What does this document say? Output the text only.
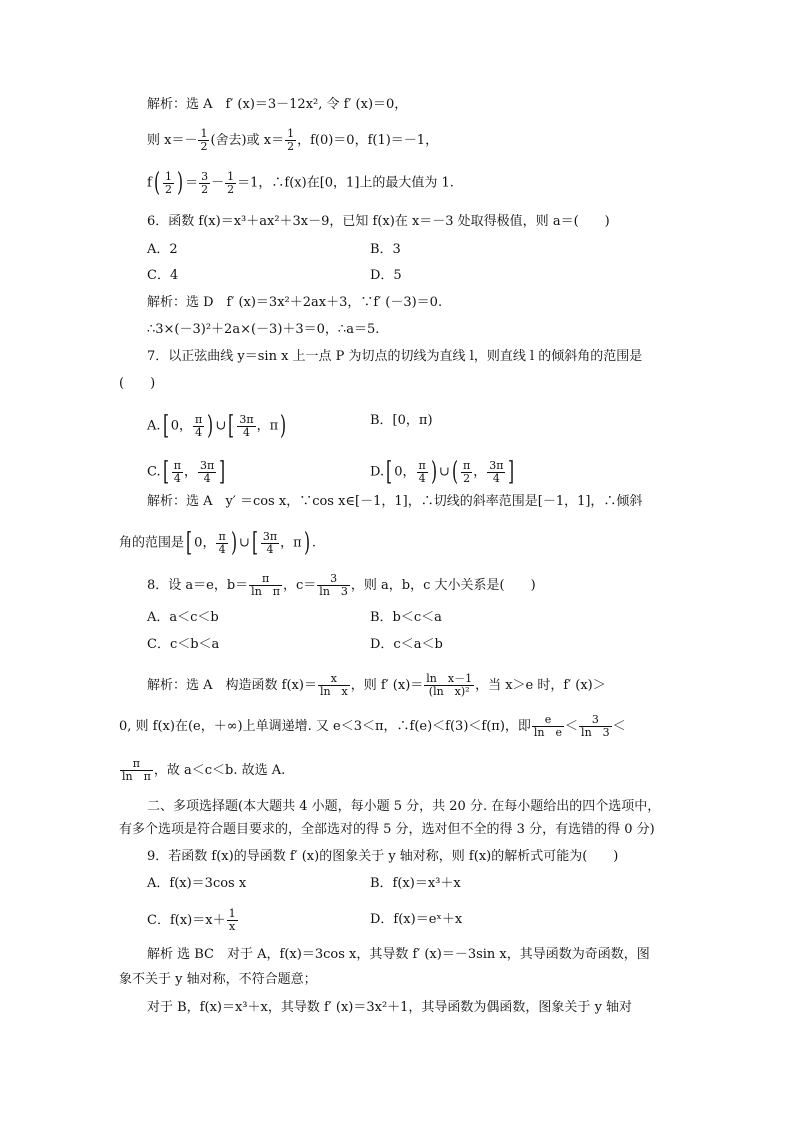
解析：选 A　f′ (x)＝3－12x², 令 f′ (x)＝0，
则 $x=- \frac{1}{2}$ (舍去)或 $x= \frac{1}{2}$ ，f(0)＝0，f(1)＝－1，
$f( \frac{1}{2}$ ) ＝ $\frac{3}{2} - \frac{1}{2} =1$，∴f(x)在[0，1]上的最大值为 1.
6．函数 f(x)＝x³＋ax²＋3x－9，已知 f(x)在 x＝－3 处取得极值，则 a＝(　　)
A．2	B．3
C．4	D．5
解析：选 D　f′ (x)＝3x²＋2ax＋3，∵f′ (－3)＝0.
∴3×(－3)²＋2a×(－3)＋3＝0，∴a＝5.
7．以正弦曲线 y＝sin x 上一点 P 为切点的切线为直线 l，则直线 l 的倾斜角的范围是
(　　)
A.[ 0， $\frac{\pi}{4}$ ) ∪[ $\frac{3\pi}{4}$ ，π)	B．[0，π)
$C.[ \frac{\pi}{4}$ ， $\frac{3\pi}{4}$ ]	D.[ 0， $\frac{\pi}{4}$ ) ∪( $\frac{\pi}{2}$ ， $\frac{3\pi}{4}$ ]
解析：选 A　y′ ＝cos x，∵cos x∈[－1，1]，∴切线的斜率范围是[－1，1]，∴倾斜
角的范围是[ 0， $\frac{\pi}{4}$ ) ∪[ $\frac{3\pi}{4}$ ，π) .
8．设 a＝e，$b= \frac{\pi}{\text{ln　π}}$ ，$c= \frac{3}{\ln 3}$ ，则 a，b，c 大小关系是(　　)
A．a＜c＜b	B．b＜c＜a
C．c＜b＜a	D．c＜a＜b
解析：选 A　构造函数 $f(x)= \frac{x}{\text{ln　x}}$ ，则 f′ $(x)= \frac{\text{ln　x－1}}{\text{(ln　x)²}}$ ，当 x＞e 时，f′ (x)＞
0, 则 f(x)在(e，＋∞)上单调递增. 又 e＜3＜π，∴f(e)＜f(3)＜f(π)，即 $\frac{e}{\text{ln　e}} < \frac{3}{\ln 3}$ ＜
$\frac{\pi}{\text{ln　π}}$ ，故 a＜c＜b. 故选 A.
二、多项选择题(本大题共 4 小题，每小题 5 分，共 20 分. 在每小题给出的四个选项中，
有多个选项是符合题目要求的，全部选对的得 5 分，选对但不全的得 3 分，有选错的得 0 分)
9．若函数 f(x)的导函数 f′ (x)的图象关于 y 轴对称，则 f(x)的解析式可能为(　　)
A．f(x)＝3cos x	B．f(x)＝x³＋x
C．$f(x)=x+ \frac{1}{x}$	D．f(x)＝eˣ＋x
解析 选 BC　对于 A，f(x)＝3cos x，其导数 f′ (x)＝－3sin x，其导函数为奇函数，图
象不关于 y 轴对称，不符合题意；
对于 B，f(x)＝x³＋x，其导数 f′ (x)＝3x²＋1，其导函数为偶函数，图象关于 y 轴对
